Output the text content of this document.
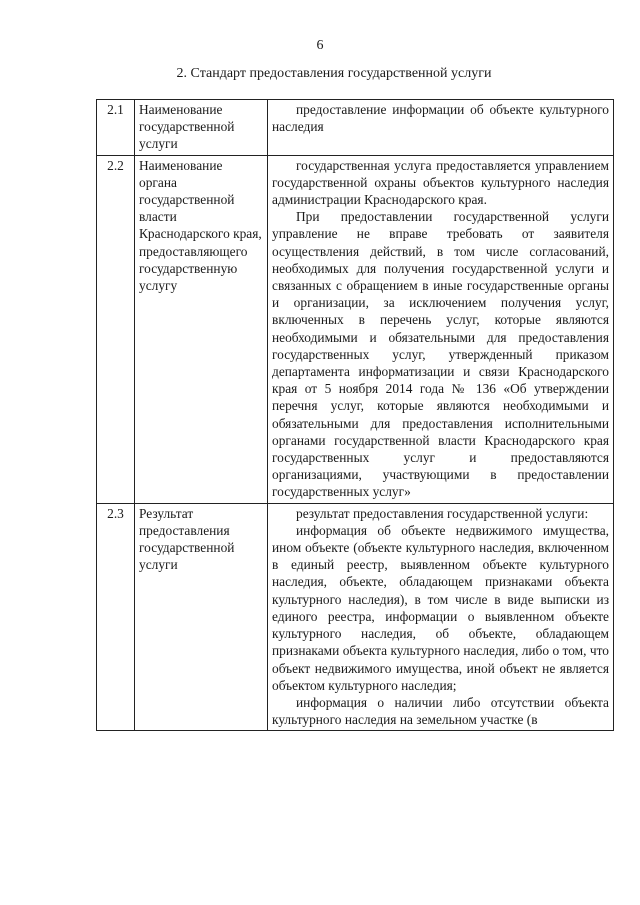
6
2. Стандарт предоставления государственной услуги
2.1	Наименование государственной услуги	предоставление информации об объекте культурного наследия

2.2	Наименование органа государственной власти Краснодарского края, предоставляющего государственную услугу	государственная услуга предоставляется управлением государственной охраны объектов культурного наследия администрации Краснодарского края.

При предоставлении государственной услуги управление не вправе требовать от заявителя осуществления действий, в том числе согласований, необходимых для получения государственной услуги и связанных с обращением в иные государственные органы и организации, за исключением получения услуг, включенных в перечень услуг, которые являются необходимыми и обязательными для предоставления государственных услуг, утвержденный приказом департамента информатизации и связи Краснодарского края от 5 ноября 2014 года № 136 «Об утверждении перечня услуг, которые являются необходимыми и обязательными для предоставления исполнительными органами государственной власти Краснодарского края государственных услуг и предоставляются организациями, участвующими в предоставлении государственных услуг»

2.3	Результат предоставления государственной услуги	результат предоставления государственной услуги:

информация об объекте недвижимого имущества, ином объекте (объекте культурного наследия, включенном в единый реестр, выявленном объекте культурного наследия, объекте, обладающем признаками объекта культурного наследия), в том числе в виде выписки из единого реестра, информации о выявленном объекте культурного наследия, об объекте, обладающем признаками объекта культурного наследия, либо о том, что объект недвижимого имущества, иной объект не является объектом культурного наследия;

информация о наличии либо отсутствии объекта культурного наследия на земельном участке (в
